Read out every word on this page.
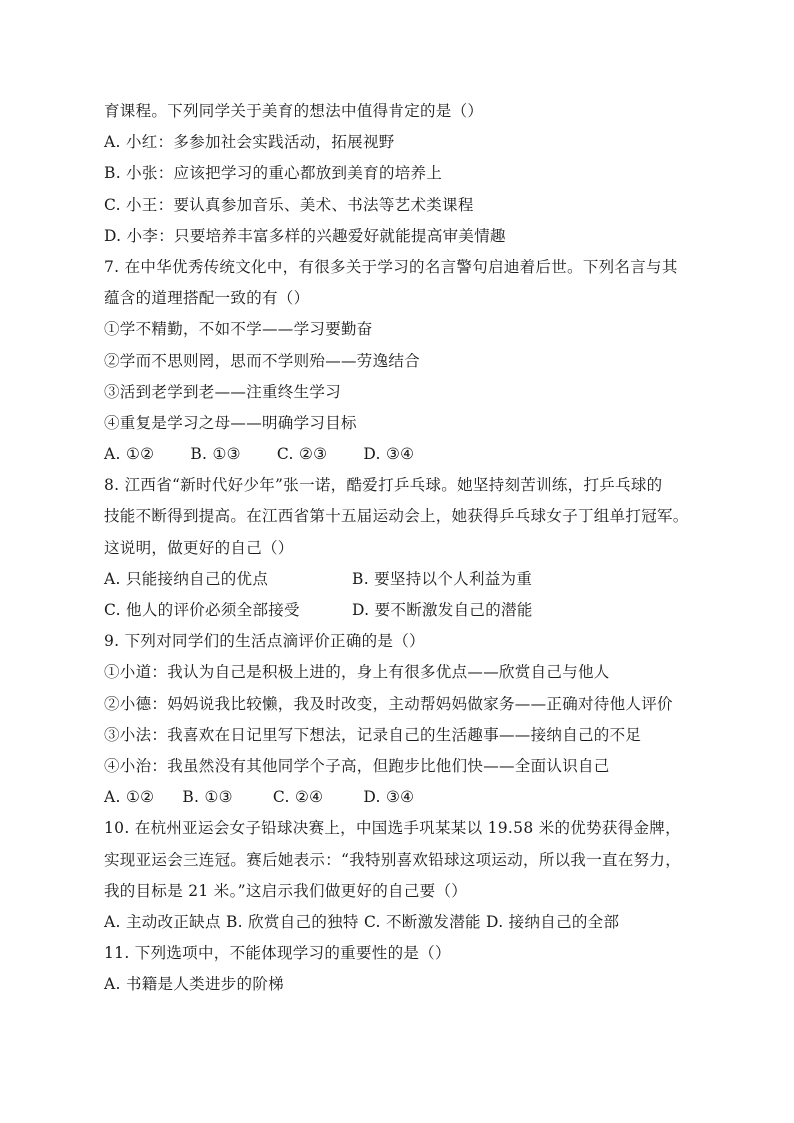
育课程。下列同学关于美育的想法中值得肯定的是（）
A. 小红：多参加社会实践活动，拓展视野
B. 小张：应该把学习的重心都放到美育的培养上
C. 小王：要认真参加音乐、美术、书法等艺术类课程
D. 小李：只要培养丰富多样的兴趣爱好就能提高审美情趣
7. 在中华优秀传统文化中，有很多关于学习的名言警句启迪着后世。下列名言与其
蕴含的道理搭配一致的有（）
①学不精勤，不如不学——学习要勤奋
②学而不思则罔，思而不学则殆——劳逸结合
③活到老学到老——注重终生学习
④重复是学习之母——明确学习目标
A. ①② B. ①③ C. ②③ D. ③④
8. 江西省“新时代好少年”张一诺，酷爱打乒乓球。她坚持刻苦训练，打乒乓球的
技能不断得到提高。在江西省第十五届运动会上，她获得乒乓球女子丁组单打冠军。
这说明，做更好的自己（）
A. 只能接纳自己的优点	B. 要坚持以个人利益为重
C. 他人的评价必须全部接受	D. 要不断激发自己的潜能
9. 下列对同学们的生活点滴评价正确的是（）
①小道：我认为自己是积极上进的，身上有很多优点——欣赏自己与他人
②小德：妈妈说我比较懒，我及时改变，主动帮妈妈做家务——正确对待他人评价
③小法：我喜欢在日记里写下想法，记录自己的生活趣事——接纳自己的不足
④小治：我虽然没有其他同学个子高，但跑步比他们快——全面认识自己
A. ①② B. ①③	C. ②④	D. ③④
10. 在杭州亚运会女子铅球决赛上，中国选手巩某某以 19.58 米的优势获得金牌，
实现亚运会三连冠。赛后她表示：“我特别喜欢铅球这项运动，所以我一直在努力，
我的目标是 21 米。”这启示我们做更好的自己要（）
A. 主动改正缺点 B. 欣赏自己的独特 C. 不断激发潜能 D. 接纳自己的全部
11. 下列选项中，不能体现学习的重要性的是（）
A. 书籍是人类进步的阶梯
